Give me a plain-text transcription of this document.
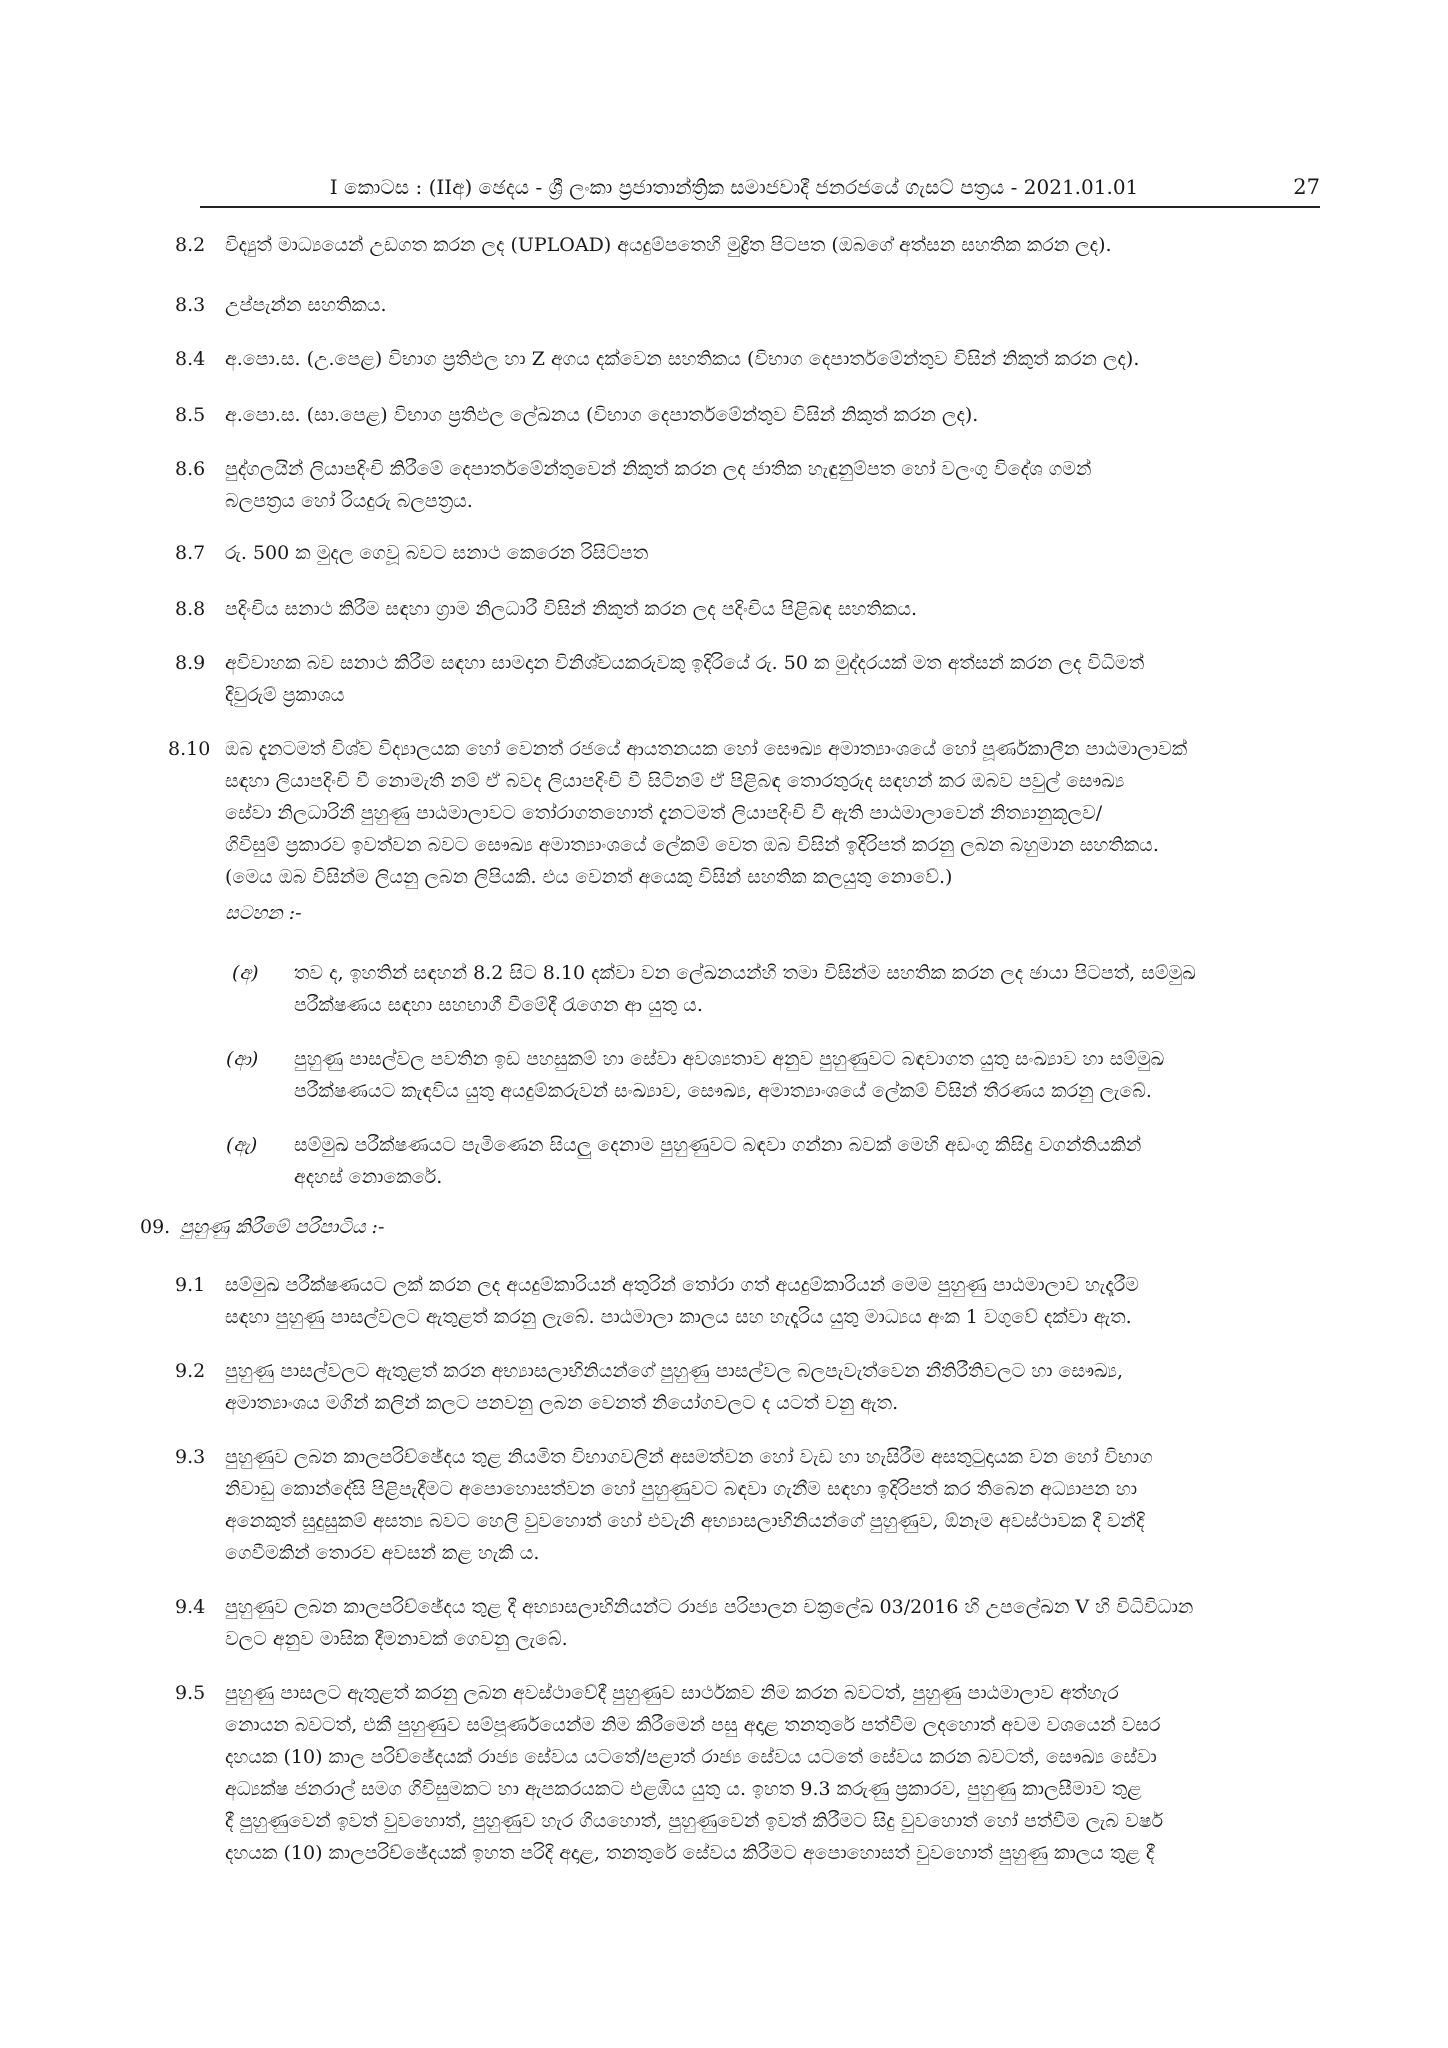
I කොටස : (IIඅ) ඡෙදය - ශ්‍රී ලංකා ප්‍රජාතාන්ත්‍රික සමාජවාදී ජනරජයේ ගැසට් පත්‍රය - 2021.01.01	27
8.2 විද්‍යුත් මාධ්‍යයෙන් උඩගත කරන ලද (UPLOAD) අයදුම්පතෙහි මුද්‍රිත පිටපත (ඔබගේ අත්සන සහතික කරන ලද).
8.3 උප්පැන්න සහතිකය.
8.4 අ.පො.ස. (උ.පෙළ) විභාග ප්‍රතිඵල හා Z අගය දක්වෙන සහතිකය (විභාග දෙපාර්තමේන්තුව විසින් නිකුත් කරන ලද).
8.5 අ.පො.ස. (සා.පෙළ) විභාග ප්‍රතිඵල ලේඛනය (විභාග දෙපාර්තමේන්තුව විසින් නිකුත් කරන ලද).
8.6 පුද්ගලයින් ලියාපදිංචි කිරීමේ දෙපාර්තමේන්තුවෙන් නිකුත් කරන ලද ජාතික හැඳුනුම්පත හෝ වලංගු විදේශ ගමන්
බලපත්‍රය හෝ රියදුරු බලපත්‍රය.
8.7 රු. 500 ක මුදල ගෙවූ බවට සනාථ කෙරෙන රිසිට්පත
8.8 පදිංචිය සනාථ කිරීම සඳහා ග්‍රාම නිලධාරී විසින් නිකුත් කරන ලද පදිංචිය පිළිබඳ සහතිකය.
8.9 අවිවාහක බව සනාථ කිරීම සඳහා සාමදාන විනිශ්චයකරුවකු ඉදිරියේ රු. 50 ක මුද්දරයක් මත අත්සන් කරන ලද විධිමත්
දිවුරුම් ප්‍රකාශය
8.10 ඔබ දැනටමත් විශ්ව විද්‍යාලයක හෝ වෙනත් රජයේ ආයතනයක හෝ සෞඛ්‍ය අමාත්‍යාංශයේ හෝ පූර්ණකාලීන පාඨමාලාවක්
සඳහා ලියාපදිංචි වී නොමැති නම් ඒ බවද ලියාපදිංචි වී සිටිනම් ඒ පිළිබඳ තොරතුරුද සඳහන් කර ඔබව පවුල් සෞඛ්‍ය
සේවා නිලධාරිනී පුහුණු පාඨමාලාවට තෝරාගතහොත් දැනටමත් ලියාපදිංචි වී ඇති පාඨමාලාවෙන් නිත්‍යානුකූලව/
ගිවිසුම් ප්‍රකාරව ඉවත්වන බවට සෞඛ්‍ය අමාත්‍යාංශයේ ලේකම් වෙත ඔබ විසින් ඉදිරිපත් කරනු ලබන බහුමාන සහතිකය.
(මෙය ඔබ විසින්ම ලියනු ලබන ලිපියකි. එය වෙනත් අයෙකු විසින් සහතික කලයුතු නොවේ.)
සටහන :-
(අ) තව ද, ඉහතින් සඳහන් 8.2 සිට 8.10 දක්වා වන ලේඛනයන්හි තමා විසින්ම සහතික කරන ලද ඡායා පිටපත්, සම්මුඛ
පරීක්ෂණය සඳහා සහභාගී වීමේදී රැගෙන ආ යුතු ය.
(ආ) පුහුණු පාසල්වල පවතින ඉඩ පහසුකම් හා සේවා අවශ්‍යතාව අනුව පුහුණුවට බඳවාගත යුතු සංඛ්‍යාව හා සම්මුඛ
පරීක්ෂණයට කැඳවිය යුතු අයදුම්කරුවන් සංඛ්‍යාව, සෞඛ්‍ය, අමාත්‍යාංශයේ ලේකම් විසින් තීරණය කරනු ලැබේ.
(ඇ) සම්මුඛ පරීක්ෂණයට පැමිණෙන සියලු දෙනාම පුහුණුවට බඳවා ගන්නා බවක් මෙහි අඩංගු කිසිදු වගන්තියකින්
අදහස් නොකෙරේ.
09. පුහුණු කිරීමේ පරිපාටිය :-
9.1 සම්මුඛ පරීක්ෂණයට ලක් කරන ලද අයදුම්කාරියන් අතුරින් තෝරා ගත් අයදුම්කාරියන් මෙම පුහුණු පාඨමාලාව හැදෑරීම
සඳහා පුහුණු පාසල්වලට ඇතුළත් කරනු ලැබේ. පාඨමාලා කාලය සහ හැදෑරිය යුතු මාධ්‍යය අංක 1 වගුවේ දක්වා ඇත.
9.2 පුහුණු පාසල්වලට ඇතුළත් කරන අභ්‍යාසලාභිනියන්ගේ පුහුණු පාසල්වල බලපැවැත්වෙන නීතිරීතිවලට හා සෞඛ්‍ය,
අමාත්‍යාංශය මගින් කලින් කලට පනවනු ලබන වෙනත් නියෝගවලට ද යටත් වනු ඇත.
9.3 පුහුණුව ලබන කාලපරිච්ඡේදය තුළ නියමිත විභාගවලින් අසමත්වන හෝ වැඩ හා හැසිරීම අසතුටුදායක වන හෝ විභාග
නිවාඩු කොන්දේසි පිළිපැදීමට අපොහොසත්වන හෝ පුහුණුවට බඳවා ගැනීම සඳහා ඉදිරිපත් කර තිබෙන අධ්‍යාපන හා
අනෙකුත් සුදුසුකම් අසත්‍ය බවට හෙලි වුවහොත් හෝ එවැනි අභ්‍යාසලාභිනියන්ගේ පුහුණුව, ඕනෑම අවස්ථාවක දී වන්දි
ගෙවීමකින් තොරව අවසන් කළ හැකි ය.
9.4 පුහුණුව ලබන කාලපරිච්ඡේදය තුළ දී අභ්‍යාසලාභිනියන්ට රාජ්‍ය පරිපාලන චක්‍රලේඛ 03/2016 හි උපලේඛන V හි විධිවිධාන
වලට අනුව මාසික දීමනාවක් ගෙවනු ලැබේ.
9.5 පුහුණු පාසලට ඇතුළත් කරනු ලබන අවස්ථාවේදී පුහුණුව සාර්ථකව නිම කරන බවටත්, පුහුණු පාඨමාලාව අත්හැර
නොයන බවටත්, එකී පුහුණුව සම්පූර්ණයෙන්ම නිම කිරීමෙන් පසු අදාළ තනතුරේ පත්වීම ලදහොත් අවම වශයෙන් වසර
දහයක (10) කාල පරිච්ඡේදයක් රාජ්‍ය සේවය යටතේ/පළාත් රාජ්‍ය සේවය යටතේ සේවය කරන බවටත්, සෞඛ්‍ය සේවා
අධ්‍යක්ෂ ජනරාල් සමග ගිවිසුමකට හා ඇපකරයකට එළඹිය යුතු ය. ඉහත 9.3 කරුණු ප්‍රකාරව, පුහුණු කාලසීමාව තුළ
දී පුහුණුවෙන් ඉවත් වුවහොත්, පුහුණුව හැර ගියහොත්, පුහුණුවෙන් ඉවත් කිරීමට සිදු වුවහොත් හෝ පත්වීම ලැබ වර්ෂ
දහයක (10) කාලපරිච්ඡේදයක් ඉහත පරිදි අදාළ, තනතුරේ සේවය කිරීමට අපොහොසත් වුවහොත් පුහුණු කාලය තුළ දී
